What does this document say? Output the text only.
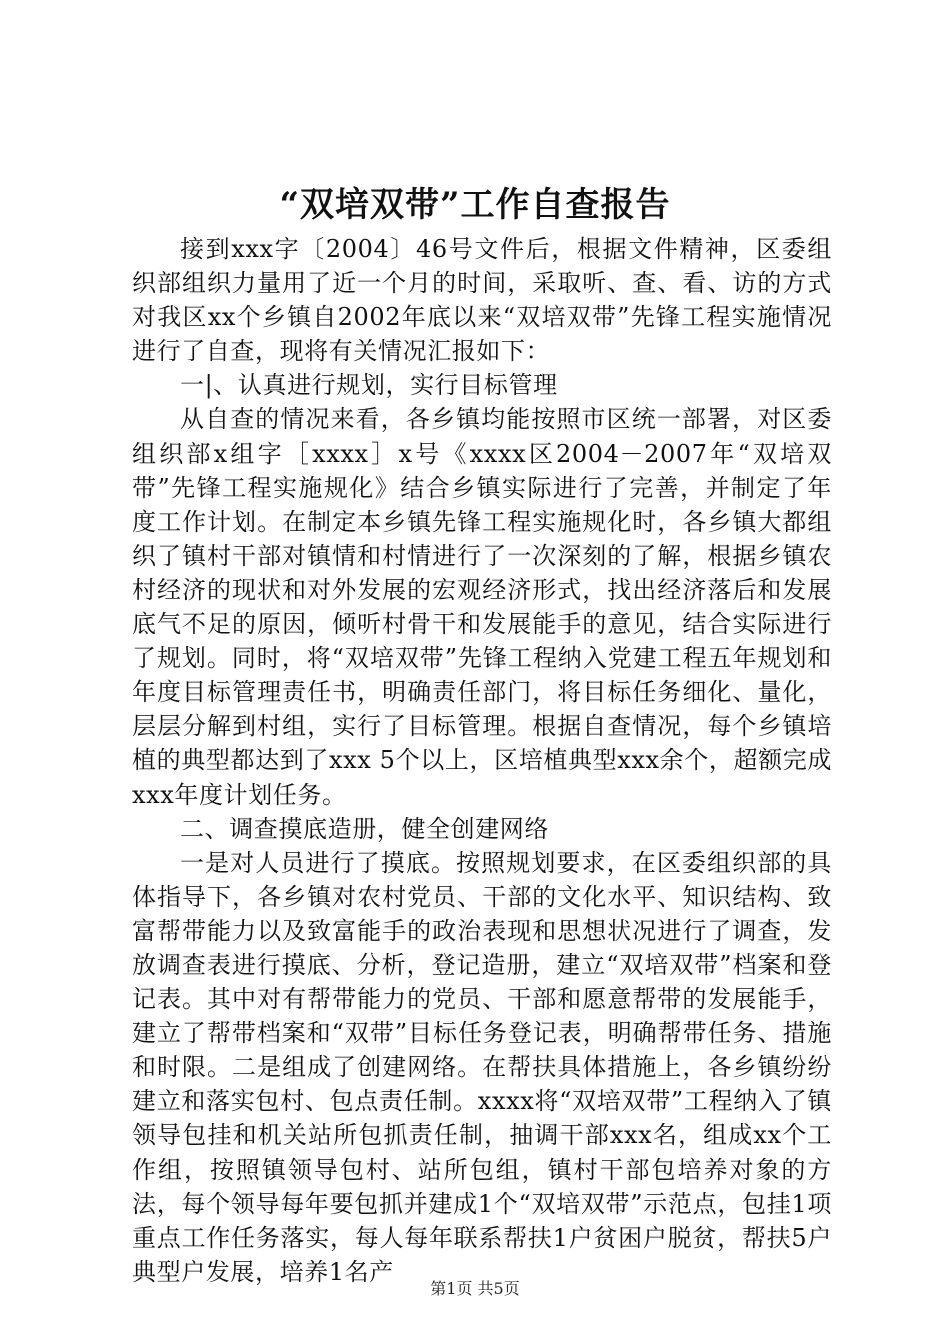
“双培双带”工作自查报告

接到xxx字〔2004〕46号文件后，根据文件精神，区委组织部组织力量用了近一个月的时间，采取听、查、看、访的方式对我区xx个乡镇自2002年底以来“双培双带”先锋工程实施情况进行了自查，现将有关情况汇报如下：

一|、认真进行规划，实行目标管理

从自查的情况来看，各乡镇均能按照市区统一部署，对区委组织部x组字［xxxx］x号《xxxx区2004－2007年“双培双带”先锋工程实施规化》结合乡镇实际进行了完善，并制定了年度工作计划。在制定本乡镇先锋工程实施规化时，各乡镇大都组织了镇村干部对镇情和村情进行了一次深刻的了解，根据乡镇农村经济的现状和对外发展的宏观经济形式，找出经济落后和发展底气不足的原因，倾听村骨干和发展能手的意见，结合实际进行了规划。同时，将“双培双带”先锋工程纳入党建工程五年规划和年度目标管理责任书，明确责任部门，将目标任务细化、量化，层层分解到村组，实行了目标管理。根据自查情况，每个乡镇培植的典型都达到了xxx 5个以上，区培植典型xxx余个，超额完成xxx年度计划任务。

二、调查摸底造册，健全创建网络

一是对人员进行了摸底。按照规划要求，在区委组织部的具体指导下，各乡镇对农村党员、干部的文化水平、知识结构、致富帮带能力以及致富能手的政治表现和思想状况进行了调查，发放调查表进行摸底、分析，登记造册，建立“双培双带”档案和登记表。其中对有帮带能力的党员、干部和愿意帮带的发展能手，建立了帮带档案和“双带”目标任务登记表，明确帮带任务、措施和时限。二是组成了创建网络。在帮扶具体措施上，各乡镇纷纷建立和落实包村、包点责任制。xxxx将“双培双带”工程纳入了镇领导包挂和机关站所包抓责任制，抽调干部xxx名，组成xx个工作组，按照镇领导包村、站所包组，镇村干部包培养对象的方法，每个领导每年要包抓并建成1个“双培双带”示范点，包挂1项重点工作任务落实，每人每年联系帮扶1户贫困户脱贫，帮扶5户典型户发展，培养1名产

第1页 共5页
